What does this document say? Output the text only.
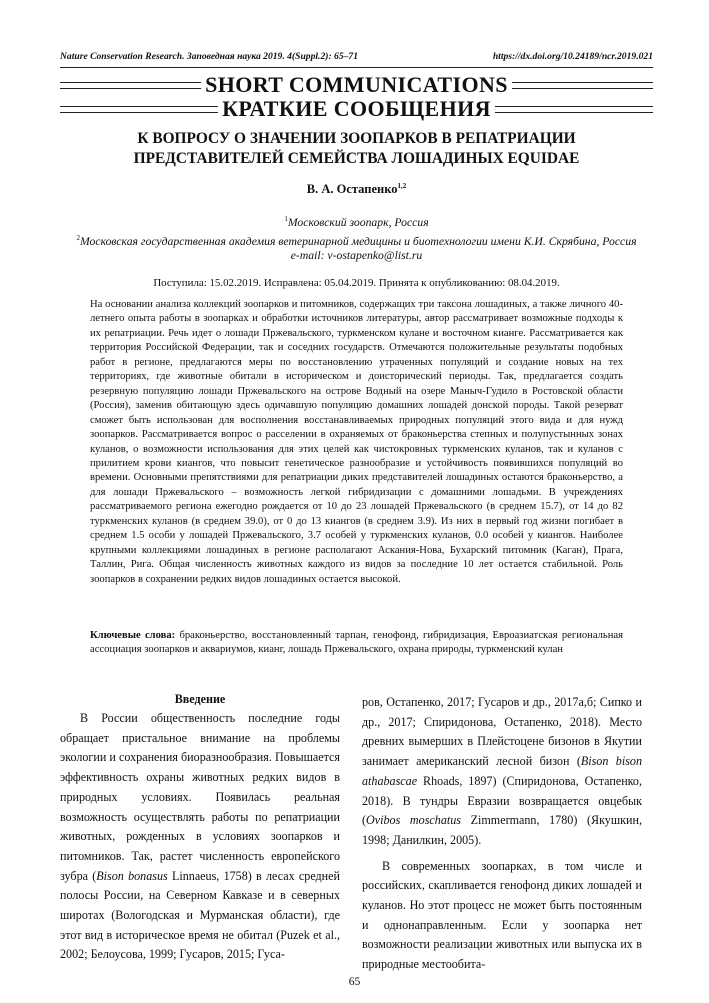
Nature Conservation Research. Заповедная наука 2019. 4(Suppl.2): 65–71	https://dx.doi.org/10.24189/ncr.2019.021
SHORT COMMUNICATIONS
КРАТКИЕ СООБЩЕНИЯ
К ВОПРОСУ О ЗНАЧЕНИИ ЗООПАРКОВ В РЕПАТРИАЦИИ
ПРЕДСТАВИТЕЛЕЙ СЕМЕЙСТВА ЛОШАДИНЫХ EQUIDAE
В. А. Остапенко$^{1,2}$
$^1$Московский зоопарк, Россия
$^2$Московская государственная академия ветеринарной медицины и биотехнологии имени К.И. Скрябина, Россия
e-mail: v-ostapenko@list.ru
Поступила: 15.02.2019. Исправлена: 05.04.2019. Принята к опубликованию: 08.04.2019.
На основании анализа коллекций зоопарков и питомников, содержащих три таксона лошадиных, а также личного 40-летнего опыта работы в зоопарках и обработки источников литературы, автор рассматривает возможные подходы к их репатриации. Речь идет о лошади Пржевальского, туркменском кулане и восточном кианге. Рассматривается как территория Российской Федерации, так и соседних государств. Отмечаются положительные результаты подобных работ в регионе, предлагаются меры по восстановлению утраченных популяций и создание новых на тех территориях, где животные обитали в историческом и доисторический периоды. Так, предлагается создать резервную популяцию лошади Пржевальского на острове Водный на озере Маныч-Гудило в Ростовской области (Россия), заменив обитающую здесь одичавшую популяцию домашних лошадей донской породы. Такой резерват сможет быть использован для восполнения восстанавливаемых природных популяций этого вида и для нужд зоопарков. Рассматривается вопрос о расселении в охраняемых от браконьерства степных и полупустынных зонах куланов, о возможности использования для этих целей как чистокровных туркменских куланов, так и куланов с прилитием крови киангов, что повысит генетическое разнообразие и устойчивость появившихся популяций во времени. Основными препятствиями для репатриации диких представителей лошадиных остаются браконьерство, а для лошади Пржевальского – возможность легкой гибридизации с домашними лошадьми. В учреждениях рассматриваемого региона ежегодно рождается от 10 до 23 лошадей Пржевальского (в среднем 15.7), от 14 до 82 туркменских куланов (в среднем 39.0), от 0 до 13 киангов (в среднем 3.9). Из них в первый год жизни погибает в среднем 1.5 особи у лошадей Пржевальского, 3.7 особей у туркменских куланов, 0.0 особей у киангов. Наиболее крупными коллекциями лошадиных в регионе располагают Аскания-Нова, Бухарский питомник (Каган), Прага, Таллин, Рига. Общая численность животных каждого из видов за последние 10 лет остается стабильной. Роль зоопарков в сохранении редких видов лошадиных остается высокой.
Ключевые слова: браконьерство, восстановленный тарпан, генофонд, гибридизация, Евроазиатская региональная ассоциация зоопарков и аквариумов, кианг, лошадь Пржевальского, охрана природы, туркменский кулан
Введение

В России общественность последние годы обращает пристальное внимание на проблемы экологии и сохранения биоразнообразия. Повышается эффективность охраны животных редких видов в природных условиях. Появилась реальная возможность осуществлять работы по репатриации животных, рожденных в условиях зоопарков и питомников. Так, растет численность европейского зубра (Bison bonasus Linnaeus, 1758) в лесах средней полосы России, на Северном Кавказе и в северных широтах (Вологодская и Мурманская области), где этот вид в историческое время не обитал (Puzek et al., 2002; Белоусова, 1999; Гусаров, 2015; Гуса-

ров, Остапенко, 2017; Гусаров и др., 2017а,б; Сипко и др., 2017; Спиридонова, Остапенко, 2018). Место древних вымерших в Плейстоцене бизонов в Якутии занимает американский лесной бизон (Bison bison athabascae Rhoads, 1897) (Спиридонова, Остапенко, 2018). В тундры Евразии возвращается овцебык (Ovibos moschatus Zimmermann, 1780) (Якушкин, 1998; Данилкин, 2005).

В современных зоопарках, в том числе и российских, скапливается генофонд диких лошадей и куланов. Но этот процесс не может быть постоянным и однонаправленным. Если у зоопарка нет возможности реализации животных или выпуска их в природные местообита-

65
